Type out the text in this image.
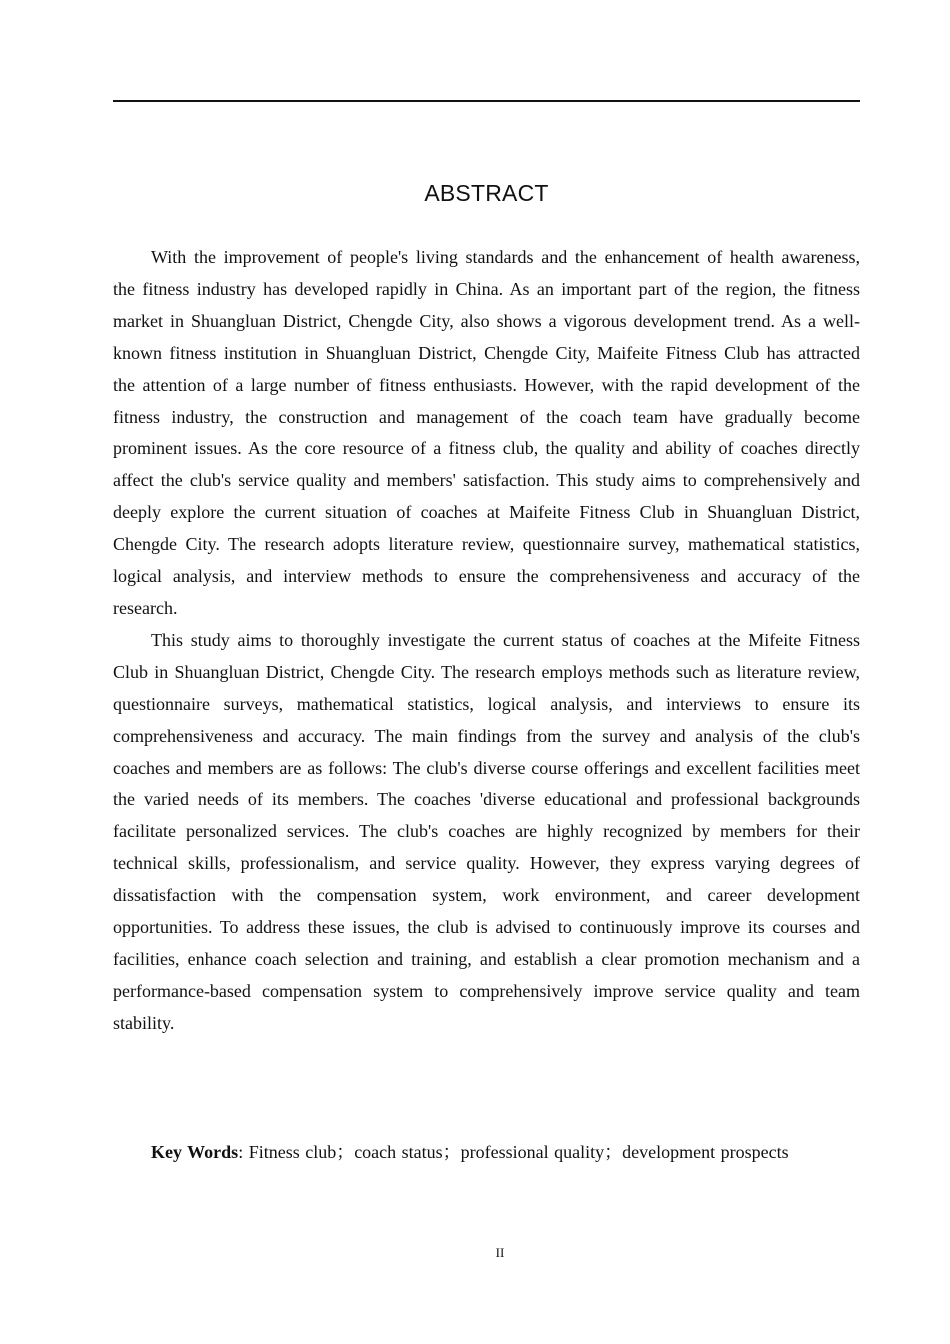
ABSTRACT

With the improvement of people's living standards and the enhancement of health awareness, the fitness industry has developed rapidly in China. As an important part of the region, the fitness market in Shuangluan District, Chengde City, also shows a vigorous development trend. As a well-known fitness institution in Shuangluan District, Chengde City, Maifeite Fitness Club has attracted the attention of a large number of fitness enthusiasts. However, with the rapid development of the fitness industry, the construction and management of the coach team have gradually become prominent issues. As the core resource of a fitness club, the quality and ability of coaches directly affect the club's service quality and members' satisfaction. This study aims to comprehensively and deeply explore the current situation of coaches at Maifeite Fitness Club in Shuangluan District, Chengde City. The research adopts literature review, questionnaire survey, mathematical statistics, logical analysis, and interview methods to ensure the comprehensiveness and accuracy of the research.

This study aims to thoroughly investigate the current status of coaches at the Mifeite Fitness Club in Shuangluan District, Chengde City. The research employs methods such as literature review, questionnaire surveys, mathematical statistics, logical analysis, and interviews to ensure its comprehensiveness and accuracy. The main findings from the survey and analysis of the club's coaches and members are as follows: The club's diverse course offerings and excellent facilities meet the varied needs of its members. The coaches 'diverse educational and professional backgrounds facilitate personalized services. The club's coaches are highly recognized by members for their technical skills, professionalism, and service quality. However, they express varying degrees of dissatisfaction with the compensation system, work environment, and career development opportunities. To address these issues, the club is advised to continuously improve its courses and facilities, enhance coach selection and training, and establish a clear promotion mechanism and a performance-based compensation system to comprehensively improve service quality and team stability.

Key Words: Fitness club；coach status；professional quality；development prospects
II
